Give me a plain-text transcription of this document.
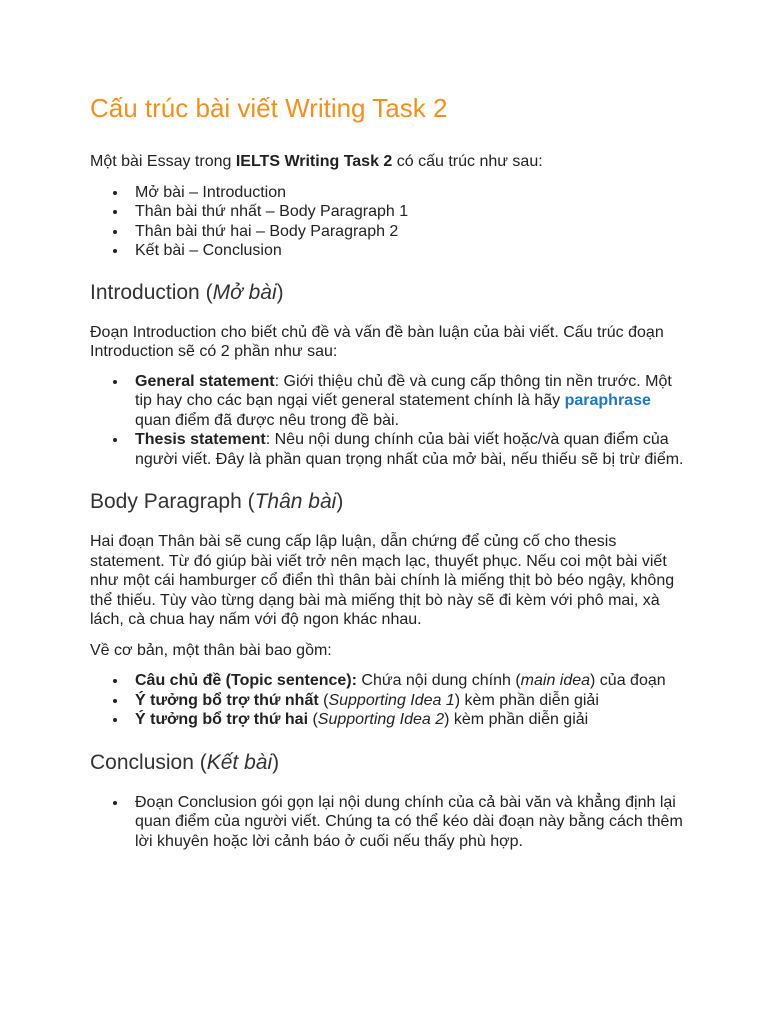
Cấu trúc bài viết Writing Task 2

Một bài Essay trong IELTS Writing Task 2 có cấu trúc như sau:

Mở bài – Introduction
Thân bài thứ nhất – Body Paragraph 1
Thân bài thứ hai – Body Paragraph 2
Kết bài – Conclusion
Introduction (Mở bài)

Đoạn Introduction cho biết chủ đề và vấn đề bàn luận của bài viết. Cấu trúc đoạn Introduction sẽ có 2 phần như sau:

General statement: Giới thiệu chủ đề và cung cấp thông tin nền trước. Một tip hay cho các bạn ngại viết general statement chính là hãy paraphrase quan điểm đã được nêu trong đề bài.
Thesis statement: Nêu nội dung chính của bài viết hoặc/và quan điểm của người viết. Đây là phần quan trọng nhất của mở bài, nếu thiếu sẽ bị trừ điểm.
Body Paragraph (Thân bài)

Hai đoạn Thân bài sẽ cung cấp lập luận, dẫn chứng để củng cố cho thesis statement. Từ đó giúp bài viết trở nên mạch lạc, thuyết phục. Nếu coi một bài viết như một cái hamburger cổ điển thì thân bài chính là miếng thịt bò béo ngậy, không thể thiếu. Tùy vào từng dạng bài mà miếng thịt bò này sẽ đi kèm với phô mai, xà lách, cà chua hay nấm với độ ngon khác nhau.

Về cơ bản, một thân bài bao gồm:

Câu chủ đề (Topic sentence): Chứa nội dung chính (main idea) của đoạn
Ý tưởng bổ trợ thứ nhất (Supporting Idea 1) kèm phần diễn giải
Ý tưởng bổ trợ thứ hai (Supporting Idea 2) kèm phần diễn giải
Conclusion (Kết bài)
Đoạn Conclusion gói gọn lại nội dung chính của cả bài văn và khẳng định lại quan điểm của người viết. Chúng ta có thể kéo dài đoạn này bằng cách thêm lời khuyên hoặc lời cảnh báo ở cuối nếu thấy phù hợp.
